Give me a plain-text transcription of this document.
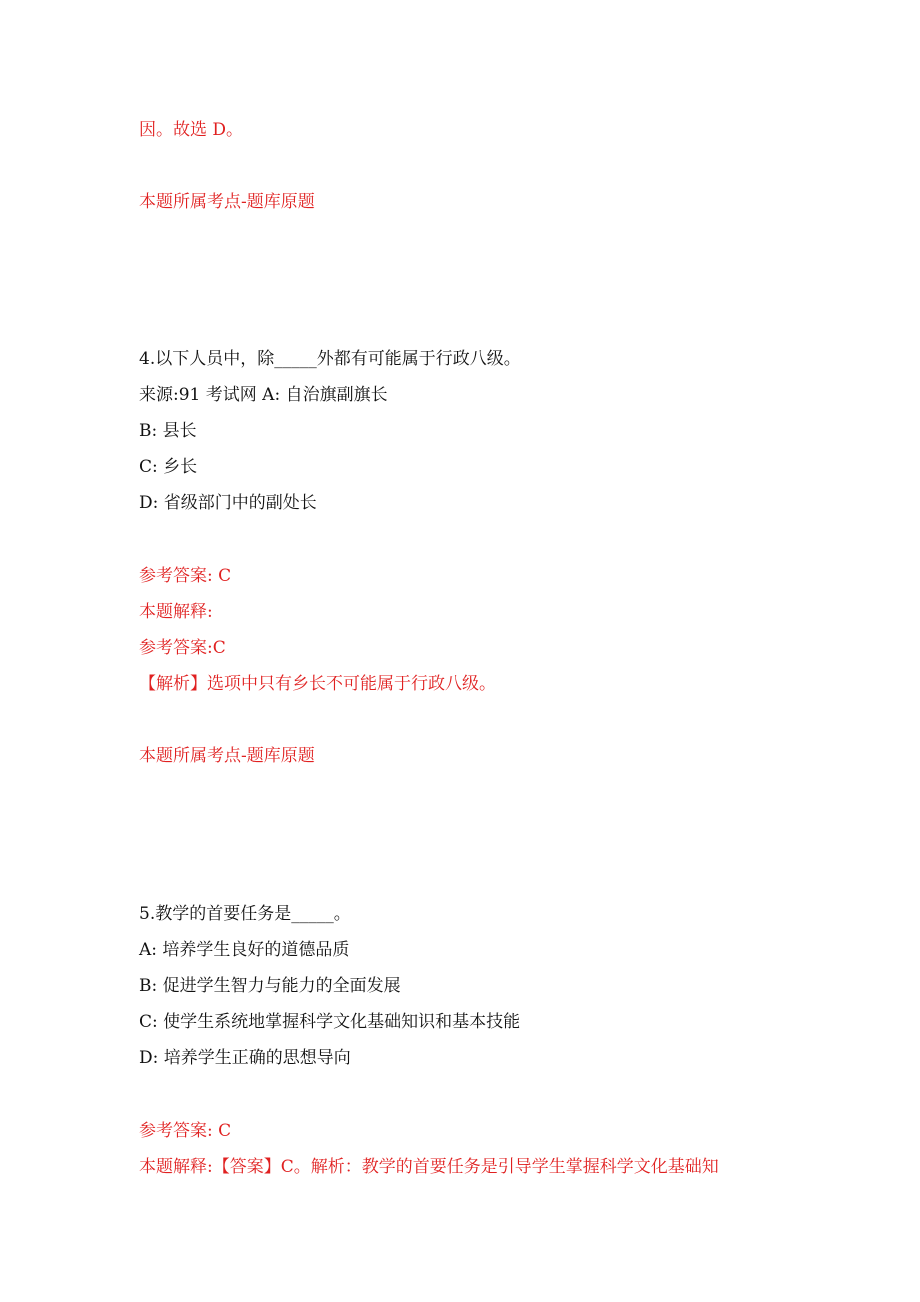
因。故选 D。

本题所属考点-题库原题

4.以下人员中，除_____外都有可能属于行政八级。

来源:91 考试网 A: 自治旗副旗长

B: 县长

C: 乡长

D: 省级部门中的副处长

参考答案: C

本题解释:

参考答案:C

【解析】选项中只有乡长不可能属于行政八级。

本题所属考点-题库原题

5.教学的首要任务是_____。

A: 培养学生良好的道德品质

B: 促进学生智力与能力的全面发展

C: 使学生系统地掌握科学文化基础知识和基本技能

D: 培养学生正确的思想导向

参考答案: C

本题解释:【答案】C。解析：教学的首要任务是引导学生掌握科学文化基础知
